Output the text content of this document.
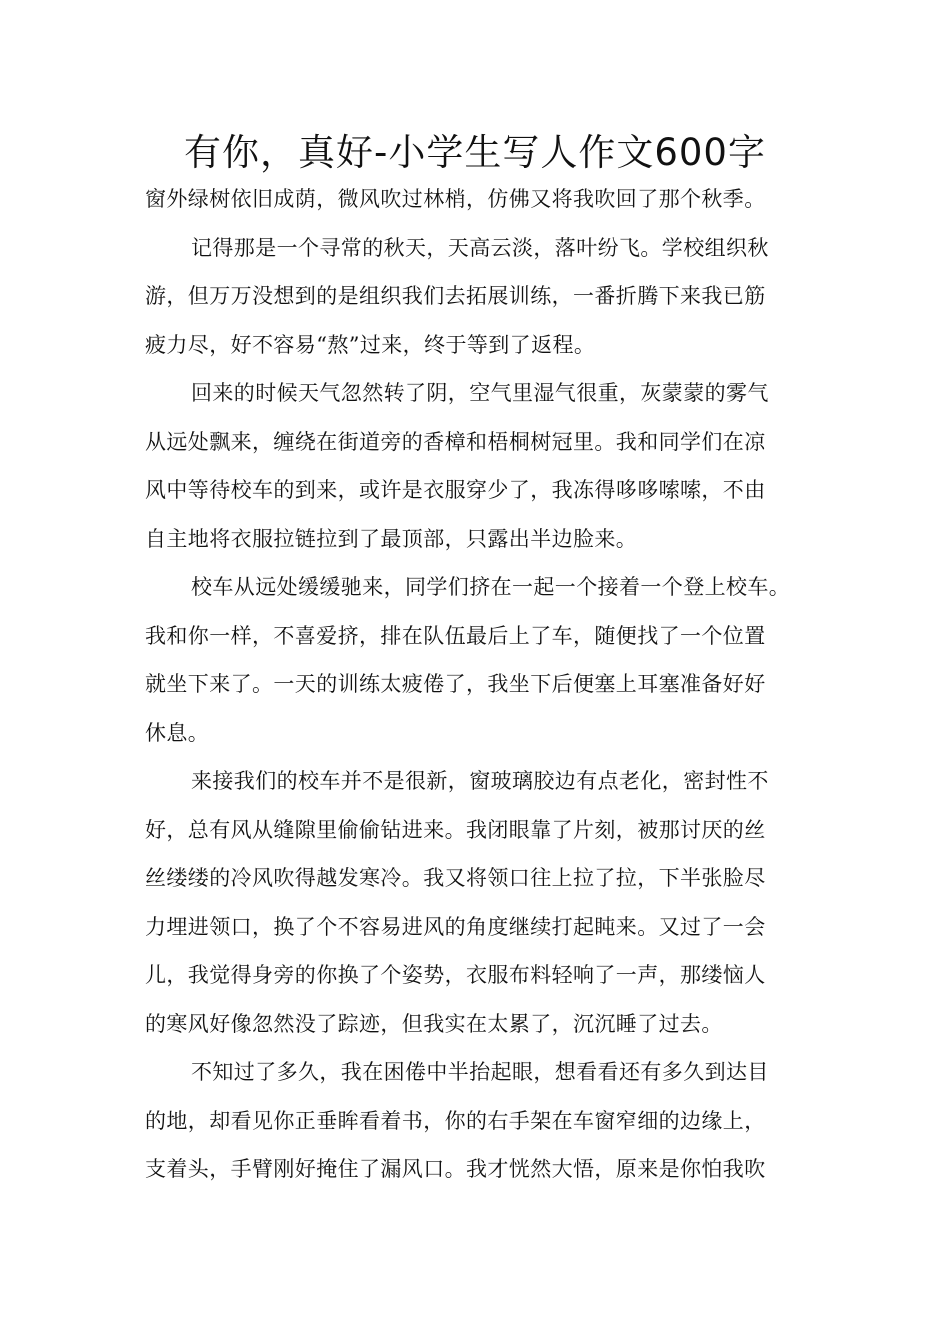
有你，真好-小学生写人作文600字

窗外绿树依旧成荫，微风吹过林梢，仿佛又将我吹回了那个秋季。

记得那是一个寻常的秋天，天高云淡，落叶纷飞。学校组织秋
游，但万万没想到的是组织我们去拓展训练，一番折腾下来我已筋
疲力尽，好不容易“熬”过来，终于等到了返程。

回来的时候天气忽然转了阴，空气里湿气很重，灰蒙蒙的雾气
从远处飘来，缠绕在街道旁的香樟和梧桐树冠里。我和同学们在凉
风中等待校车的到来，或许是衣服穿少了，我冻得哆哆嗦嗦，不由
自主地将衣服拉链拉到了最顶部，只露出半边脸来。

校车从远处缓缓驰来，同学们挤在一起一个接着一个登上校车。
我和你一样，不喜爱挤，排在队伍最后上了车，随便找了一个位置
就坐下来了。一天的训练太疲倦了，我坐下后便塞上耳塞准备好好
休息。

来接我们的校车并不是很新，窗玻璃胶边有点老化，密封性不
好，总有风从缝隙里偷偷钻进来。我闭眼靠了片刻，被那讨厌的丝
丝缕缕的冷风吹得越发寒冷。我又将领口往上拉了拉，下半张脸尽
力埋进领口，换了个不容易进风的角度继续打起盹来。又过了一会
儿，我觉得身旁的你换了个姿势，衣服布料轻响了一声，那缕恼人
的寒风好像忽然没了踪迹，但我实在太累了，沉沉睡了过去。

不知过了多久，我在困倦中半抬起眼，想看看还有多久到达目
的地，却看见你正垂眸看着书，你的右手架在车窗窄细的边缘上，
支着头，手臂刚好掩住了漏风口。我才恍然大悟，原来是你怕我吹
